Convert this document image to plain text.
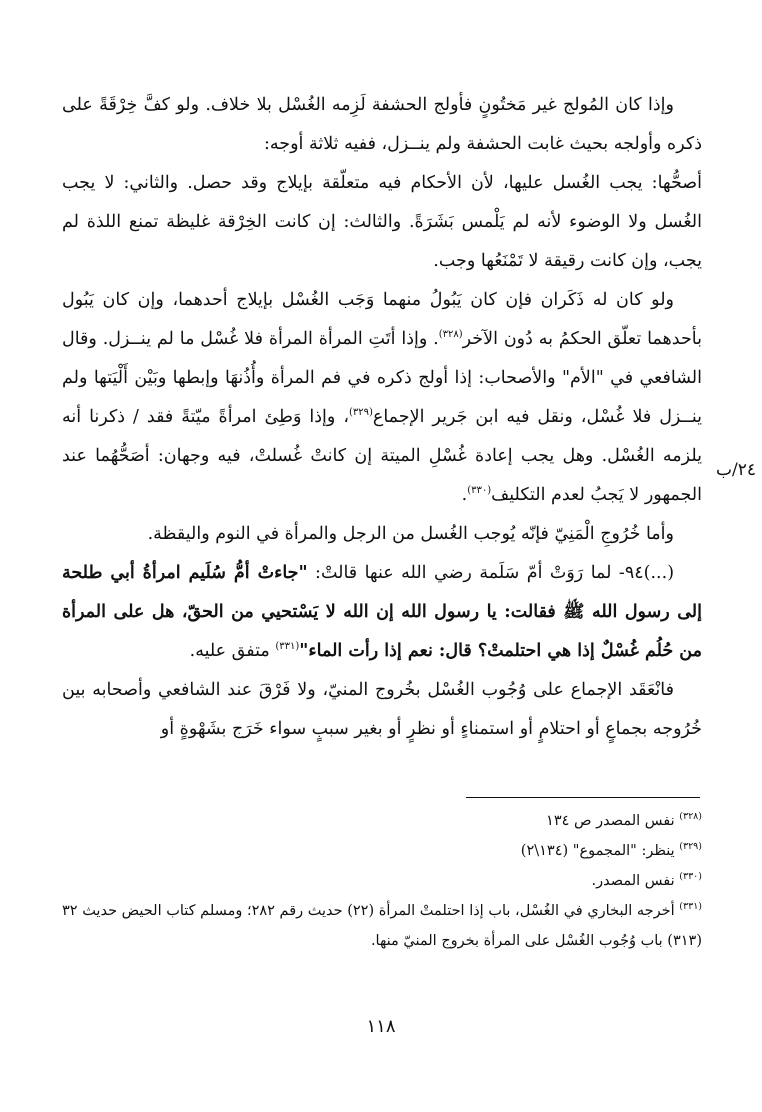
وإذا كان المُولج غير مَختُونٍ فأولج الحشفة لَزِمه الغُسْل بلا خلاف. ولو كفَّ خِرْقَةً على ذكره وأولجه بحيث غابت الحشفة ولم ينــزل، ففيه ثلاثة أوجه:

أصحُّها: يجب الغُسل عليها، لأن الأحكام فيه متعلّقة بإيلاج وقد حصل. والثاني: لا يجب الغُسل ولا الوضوء لأنه لم يَلْمس بَشَرَةً. والثالث: إن كانت الخِرْقة غليظة تمنع اللذة لم يجب، وإن كانت رقيقة لا تَمْنَعُها وجب.

ولو كان له ذَكَران فإن كان يَبُولُ منهما وَجَب الغُسْل بإيلاج أحدهما، وإن كان يَبُول بأحدهما تعلّق الحكمُ به دُون الآخر$^{(٣٢٨)}$. وإذا أتَتِ المرأة المرأة فلا غُسْل ما لم ينــزل. وقال الشافعي في "الأم" والأصحاب: إذا أولج ذكره في فم المرأة وأُذُنهَا وإبطها وبَيْن أَلْيَتها ولم ينــزل فلا غُسْل، ونقل فيه ابن جَرير الإجماع$^{(٣٢٩)}$، وإذا وَطِئ امرأةً ميّتةً فقد / ذكرنا أنه يلزمه الغُسْل. وهل يجب إعادة غُسْلِ الميتة إن كانتْ غُسلتْ، فيه وجهان: أصَحُّهُما عند الجمهور لا يَجبُ لعدم التكليف$^{(٣٣٠)}$.

وأما خُرُوجِ الْمَنِيّ فإنّه يُوجب الغُسل من الرجل والمرأة في النوم واليقظة.

(...)٩٤- لما رَوَتْ أمّ سَلَمة رضي الله عنها قالتْ: "جاءتْ أمُّ سُلَيم امرأةُ أبي طلحة إلى رسول الله ﷺ فقالت: يا رسول الله إن الله لا يَسْتحيي من الحقّ، هل على المرأة من حُلُم غُسْلٌ إذا هي احتلمتْ؟ قال: نعم إذا رأت الماء"$^{(٣٣١)}$ متفق عليه.

فانْعَقَد الإجماع على وُجُوب الغُسْل بخُروج المنيّ، ولا فَرْقَ عند الشافعي وأصحابه بين خُرُوجه بجماعٍ أو احتلامٍ أو استمناءٍ أو نظرٍ أو بغير سببٍ سواء خَرَج بشَهْوةٍ أو

٢٤/ب

$^{(٣٢٨)}$ نفس المصدر ص ١٣٤

$^{(٣٢٩)}$ ينظر: "المجموع" (١٣٤\٢)

$^{(٣٣٠)}$ نفس المصدر.

$^{(٣٣١)}$ أخرجه البخاري في الغُسْل، باب إذا احتلمتْ المرأة (٢٢) حديث رقم ٢٨٢؛ ومسلم كتاب الحيض حديث ٣٢ (٣١٣) باب وُجُوب الغُسْل على المرأة بخروج المنيّ منها.

١١٨
